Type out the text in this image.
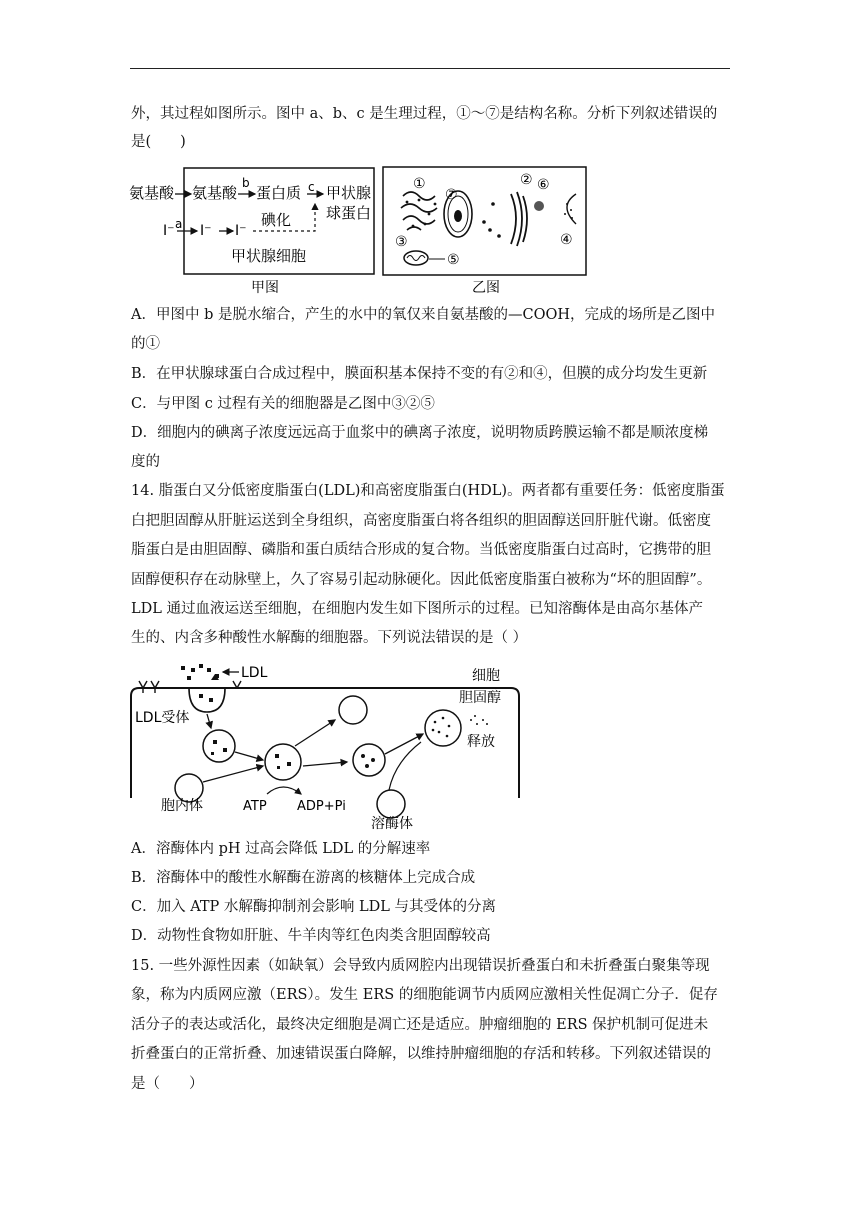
外，其过程如图所示。图中 a、b、c 是生理过程，①～⑦是结构名称。分析下列叙述错误的
是(　　)
氨基酸 氨基酸
b
蛋白质 c 甲状腺
球蛋白
I⁻ a I⁻ I⁻
碘化
甲状腺细胞
甲图
①
⑦
② ⑥
③
⑤
④
乙图
A．甲图中 b 是脱水缩合，产生的水中的氧仅来自氨基酸的—COOH，完成的场所是乙图中
的①
B．在甲状腺球蛋白合成过程中，膜面积基本保持不变的有②和④，但膜的成分均发生更新
C．与甲图 c 过程有关的细胞器是乙图中③②⑤
D．细胞内的碘离子浓度远远高于血浆中的碘离子浓度，说明物质跨膜运输不都是顺浓度梯
度的
14. 脂蛋白又分低密度脂蛋白(LDL)和高密度脂蛋白(HDL)。两者都有重要任务：低密度脂蛋
白把胆固醇从肝脏运送到全身组织，高密度脂蛋白将各组织的胆固醇送回肝脏代谢。低密度
脂蛋白是由胆固醇、磷脂和蛋白质结合形成的复合物。当低密度脂蛋白过高时，它携带的胆
固醇便积存在动脉壁上，久了容易引起动脉硬化。因此低密度脂蛋白被称为“坏的胆固醇”。
LDL 通过血液运送至细胞，在细胞内发生如下图所示的过程。已知溶酶体是由高尔基体产
生的、内含多种酸性水解酶的细胞器。下列说法错误的是（ ）
LDL	细胞
LDL受体
ATP ADP+Pi
胞内体
溶酶体
胆固醇
释放
A．溶酶体内 pH 过高会降低 LDL 的分解速率
B．溶酶体中的酸性水解酶在游离的核糖体上完成合成
C．加入 ATP 水解酶抑制剂会影响 LDL 与其受体的分离
D．动物性食物如肝脏、牛羊肉等红色肉类含胆固醇较高
15. 一些外源性因素（如缺氧）会导致内质网腔内出现错误折叠蛋白和未折叠蛋白聚集等现
象，称为内质网应激（ERS）。发生 ERS 的细胞能调节内质网应激相关性促凋亡分子．促存
活分子的表达或活化，最终决定细胞是凋亡还是适应。肿瘤细胞的 ERS 保护机制可促进未
折叠蛋白的正常折叠、加速错误蛋白降解，以维持肿瘤细胞的存活和转移。下列叙述错误的
是（　　）
